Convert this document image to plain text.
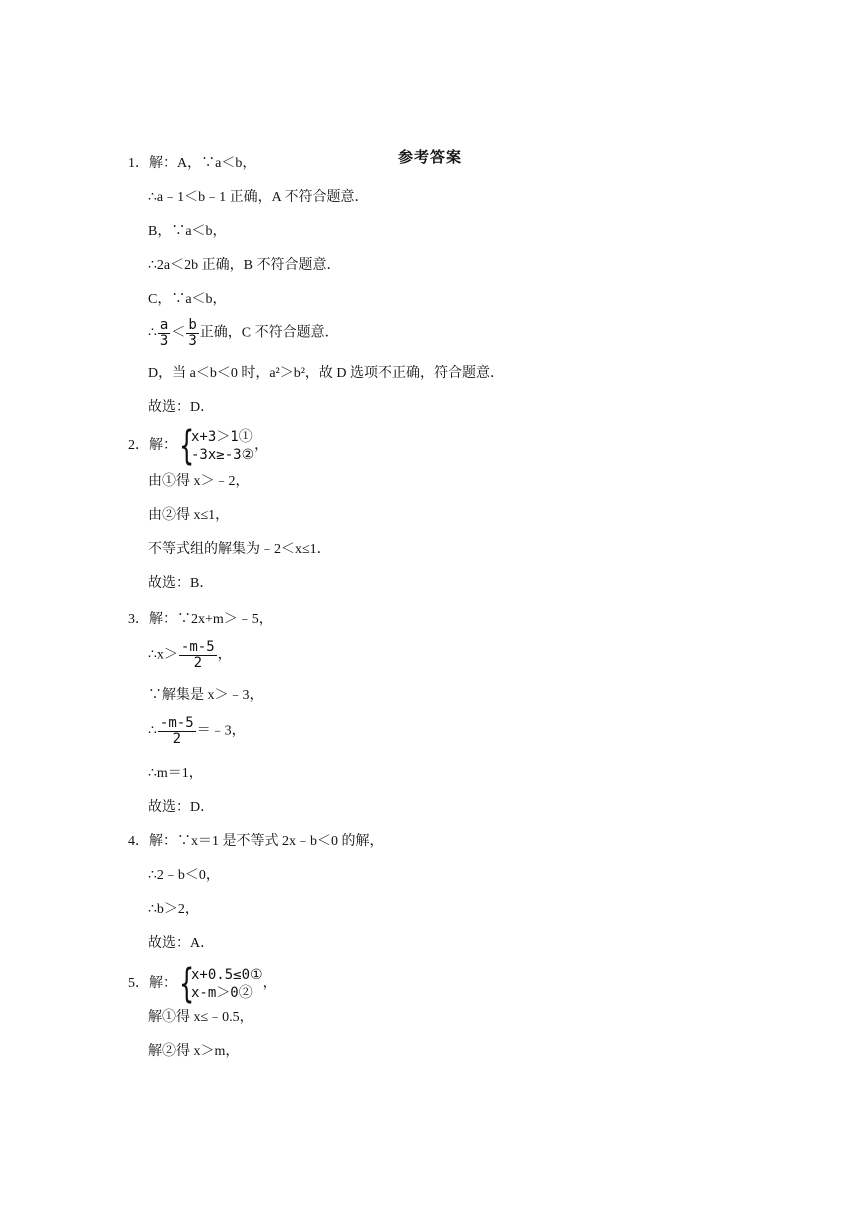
参考答案
1．解：A，∵a＜b，
∴a﹣1＜b﹣1 正确，A 不符合题意．
B，∵a＜b，
∴2a＜2b 正确，B 不符合题意．
C，∵a＜b，
∴ $\frac{a}{3} < \frac{b}{3}$ 正确，C 不符合题意．
D，当 a＜b＜0 时，a²＞b²，故 D 选项不正确，符合题意．
故选：D．
2．解： {
x+3＞1①
-3x≥-3②
，
由①得 x＞﹣2，
由②得 x≤1，
不等式组的解集为﹣2＜x≤1．
故选：B．
3．解：∵2x+m＞﹣5，
∴x＞ $\frac{-m-5}{2}$ ，
∵解集是 x＞﹣3，
∴ $\frac{-m-5}{2}$ ＝﹣3，
∴m＝1，
故选：D．
4．解：∵x＝1 是不等式 2x﹣b＜0 的解，
∴2﹣b＜0，
∴b＞2，
故选：A．
5．解： {
x+0.5≤0①
x-m＞0②
，
解①得 x≤﹣0.5，
解②得 x＞m，
